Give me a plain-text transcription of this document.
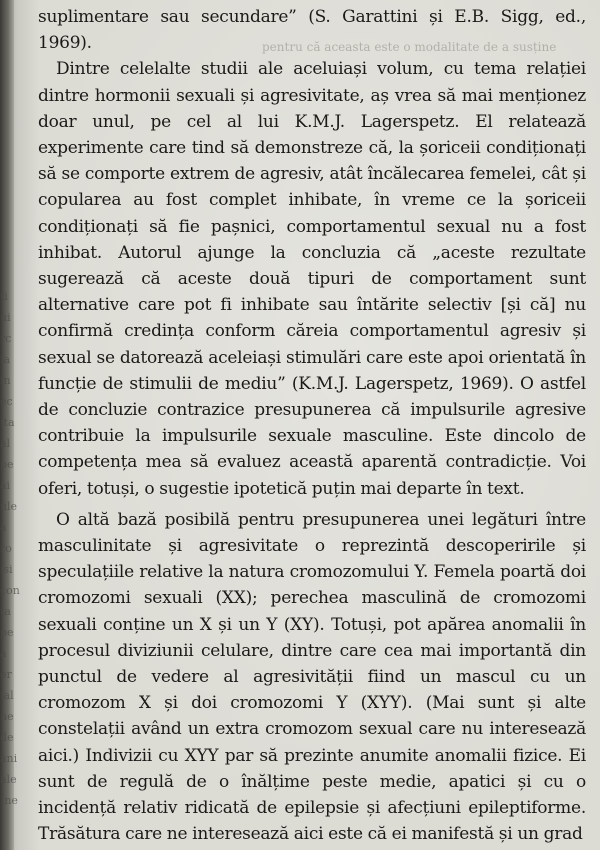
ti
ui
rc
ia
in
ec
ita
al
pe
ai
iile
a
ro
isi
con
ta
pe
a
er
ial
ne
de
ani
ale
Ine
pentru că aceasta este o modalitate de a susține

suplimentare sau secundare” (S. Garattini și E.B. Sigg, ed., 1969).

Dintre celelalte studii ale aceluiași volum, cu tema relației dintre hormonii sexuali și agresivitate, aș vrea să mai menționez doar unul, pe cel al lui K.M.J. Lagerspetz. El relatează experimente care tind să demonstreze că, la șoriceii condiționați să se comporte extrem de agresiv, atât încălecarea femelei, cât și copularea au fost complet inhibate, în vreme ce la șoriceii condiționați să fie pașnici, comportamentul sexual nu a fost inhibat. Autorul ajunge la concluzia că „aceste rezultate sugerează că aceste două tipuri de comportament sunt alternative care pot fi inhibate sau întărite selectiv [și că] nu confirmă credința conform căreia comportamentul agresiv și sexual se datorează aceleiași stimulări care este apoi orientată în funcție de stimulii de mediu” (K.M.J. Lagerspetz, 1969). O astfel de concluzie contrazice presupunerea că impulsurile agresive contribuie la impulsurile sexuale masculine. Este dincolo de competența mea să evaluez această aparentă contradicție. Voi oferi, totuși, o sugestie ipotetică puțin mai departe în text.

O altă bază posibilă pentru presupunerea unei legături între masculinitate și agresivitate o reprezintă descoperirile și speculațiile relative la natura cromozomului Y. Femela poartă doi cromozomi sexuali (XX); perechea masculină de cromozomi sexuali conține un X și un Y (XY). Totuși, pot apărea anomalii în procesul diviziunii celulare, dintre care cea mai importantă din punctul de vedere al agresivității fiind un mascul cu un cromozom X și doi cromozomi Y (XYY). (Mai sunt și alte constelații având un extra cromozom sexual care nu interesează aici.) Indivizii cu XYY par să prezinte anumite anomalii fizice. Ei sunt de regulă de o înălțime peste medie, apatici și cu o incidență relativ ridicată de epilepsie și afecțiuni epileptiforme. Trăsătura care ne interesează aici este că ei manifestă și un grad
